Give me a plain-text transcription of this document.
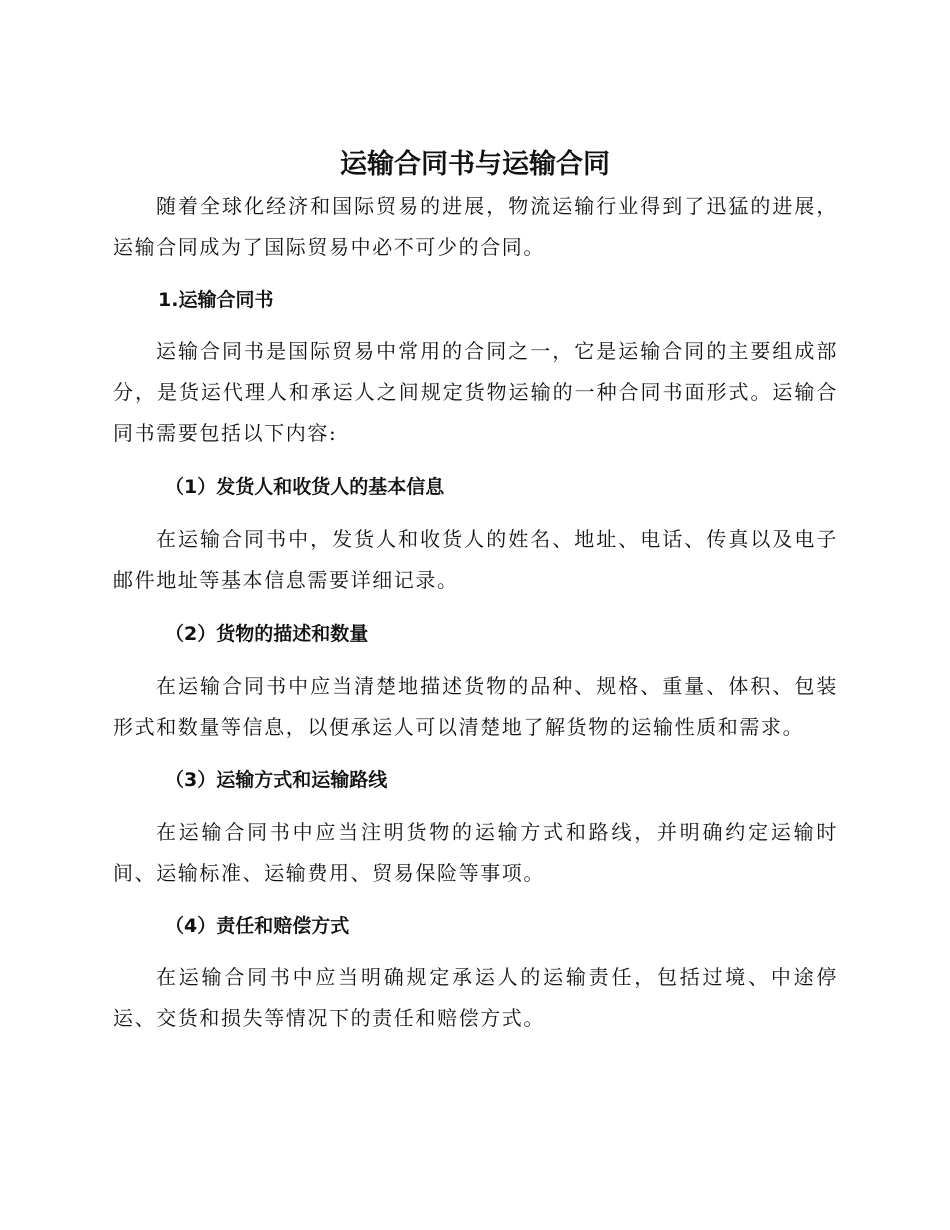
运输合同书与运输合同

随着全球化经济和国际贸易的进展，物流运输行业得到了迅猛的进展，运输合同成为了国际贸易中必不可少的合同。

1.运输合同书

运输合同书是国际贸易中常用的合同之一，它是运输合同的主要组成部分，是货运代理人和承运人之间规定货物运输的一种合同书面形式。运输合同书需要包括以下内容:

（1）发货人和收货人的基本信息

在运输合同书中，发货人和收货人的姓名、地址、电话、传真以及电子邮件地址等基本信息需要详细记录。

（2）货物的描述和数量

在运输合同书中应当清楚地描述货物的品种、规格、重量、体积、包装形式和数量等信息，以便承运人可以清楚地了解货物的运输性质和需求。

（3）运输方式和运输路线

在运输合同书中应当注明货物的运输方式和路线，并明确约定运输时间、运输标准、运输费用、贸易保险等事项。

（4）责任和赔偿方式

在运输合同书中应当明确规定承运人的运输责任，包括过境、中途停运、交货和损失等情况下的责任和赔偿方式。
